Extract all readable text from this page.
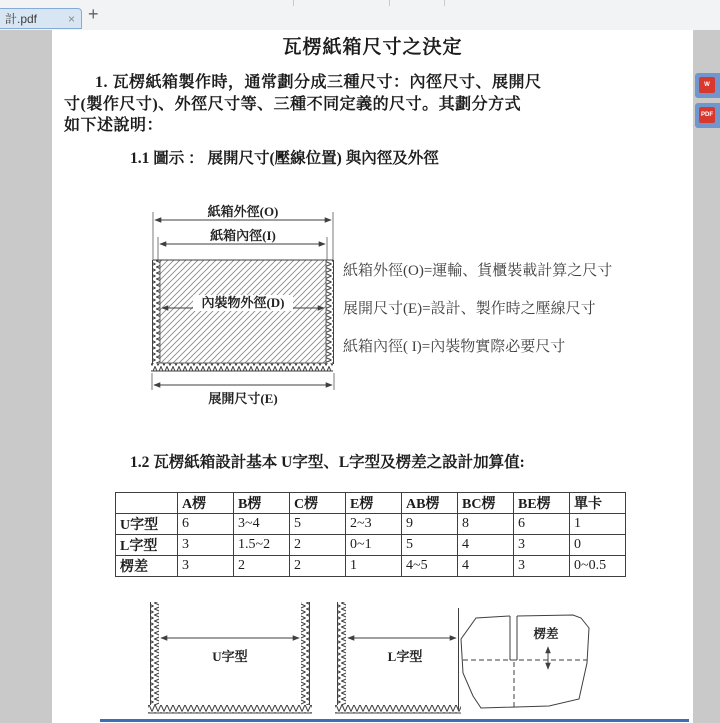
計.pdf	× +
瓦楞紙箱尺寸之決定
1. 瓦楞紙箱製作時，通常劃分成三種尺寸：內徑尺寸、展開尺
寸(製作尺寸)、外徑尺寸等、三種不同定義的尺寸。其劃分方式
如下述說明：
1.1 圖示 ： 展開尺寸(壓線位置) 與內徑及外徑
紙箱外徑(O)
紙箱內徑(I)
內裝物外徑(D)
展開尺寸(E)
紙箱外徑(O)=運輸、貨櫃裝載計算之尺寸
展開尺寸(E)=設計、製作時之壓線尺寸
紙箱內徑( I)=內裝物實際必要尺寸
1.2 瓦楞紙箱設計基本 U字型、L字型及楞差之設計加算值:
	A楞	B楞	C楞	E楞	AB楞	BC楞	BE楞	單卡
U字型	6	3~4	5	2~3	9	8	6	1
L字型	3	1.5~2	2	0~1	5	4	3	0
楞差	3	2	2	1	4~5	4	3	0~0.5
U字型	L字型
楞差
W
PDF
